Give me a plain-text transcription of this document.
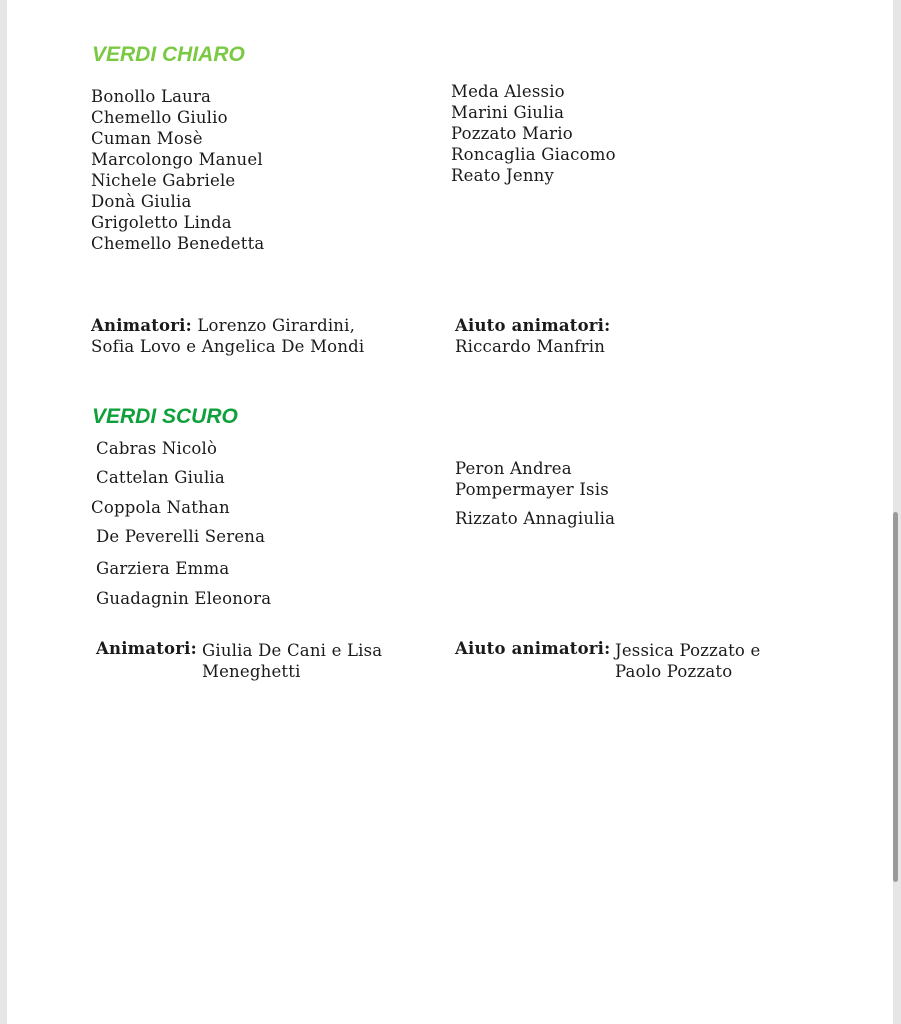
VERDI CHIARO
Bonollo Laura
Chemello Giulio
Cuman Mosè
Marcolongo Manuel
Nichele Gabriele
Donà Giulia
Grigoletto Linda
Chemello Benedetta
Meda Alessio
Marini Giulia
Pozzato Mario
Roncaglia Giacomo
Reato Jenny
Animatori: Lorenzo Girardini,
Sofia Lovo e Angelica De Mondi
Aiuto animatori:
Riccardo Manfrin
VERDI SCURO
Cabras Nicolò
Cattelan Giulia
Coppola Nathan
De Peverelli Serena
Garziera Emma
Guadagnin Eleonora
Peron Andrea
Pompermayer Isis
Rizzato Annagiulia
Animatori: Giulia De Cani e Lisa
Meneghetti
Aiuto animatori: Jessica Pozzato e
Paolo Pozzato
